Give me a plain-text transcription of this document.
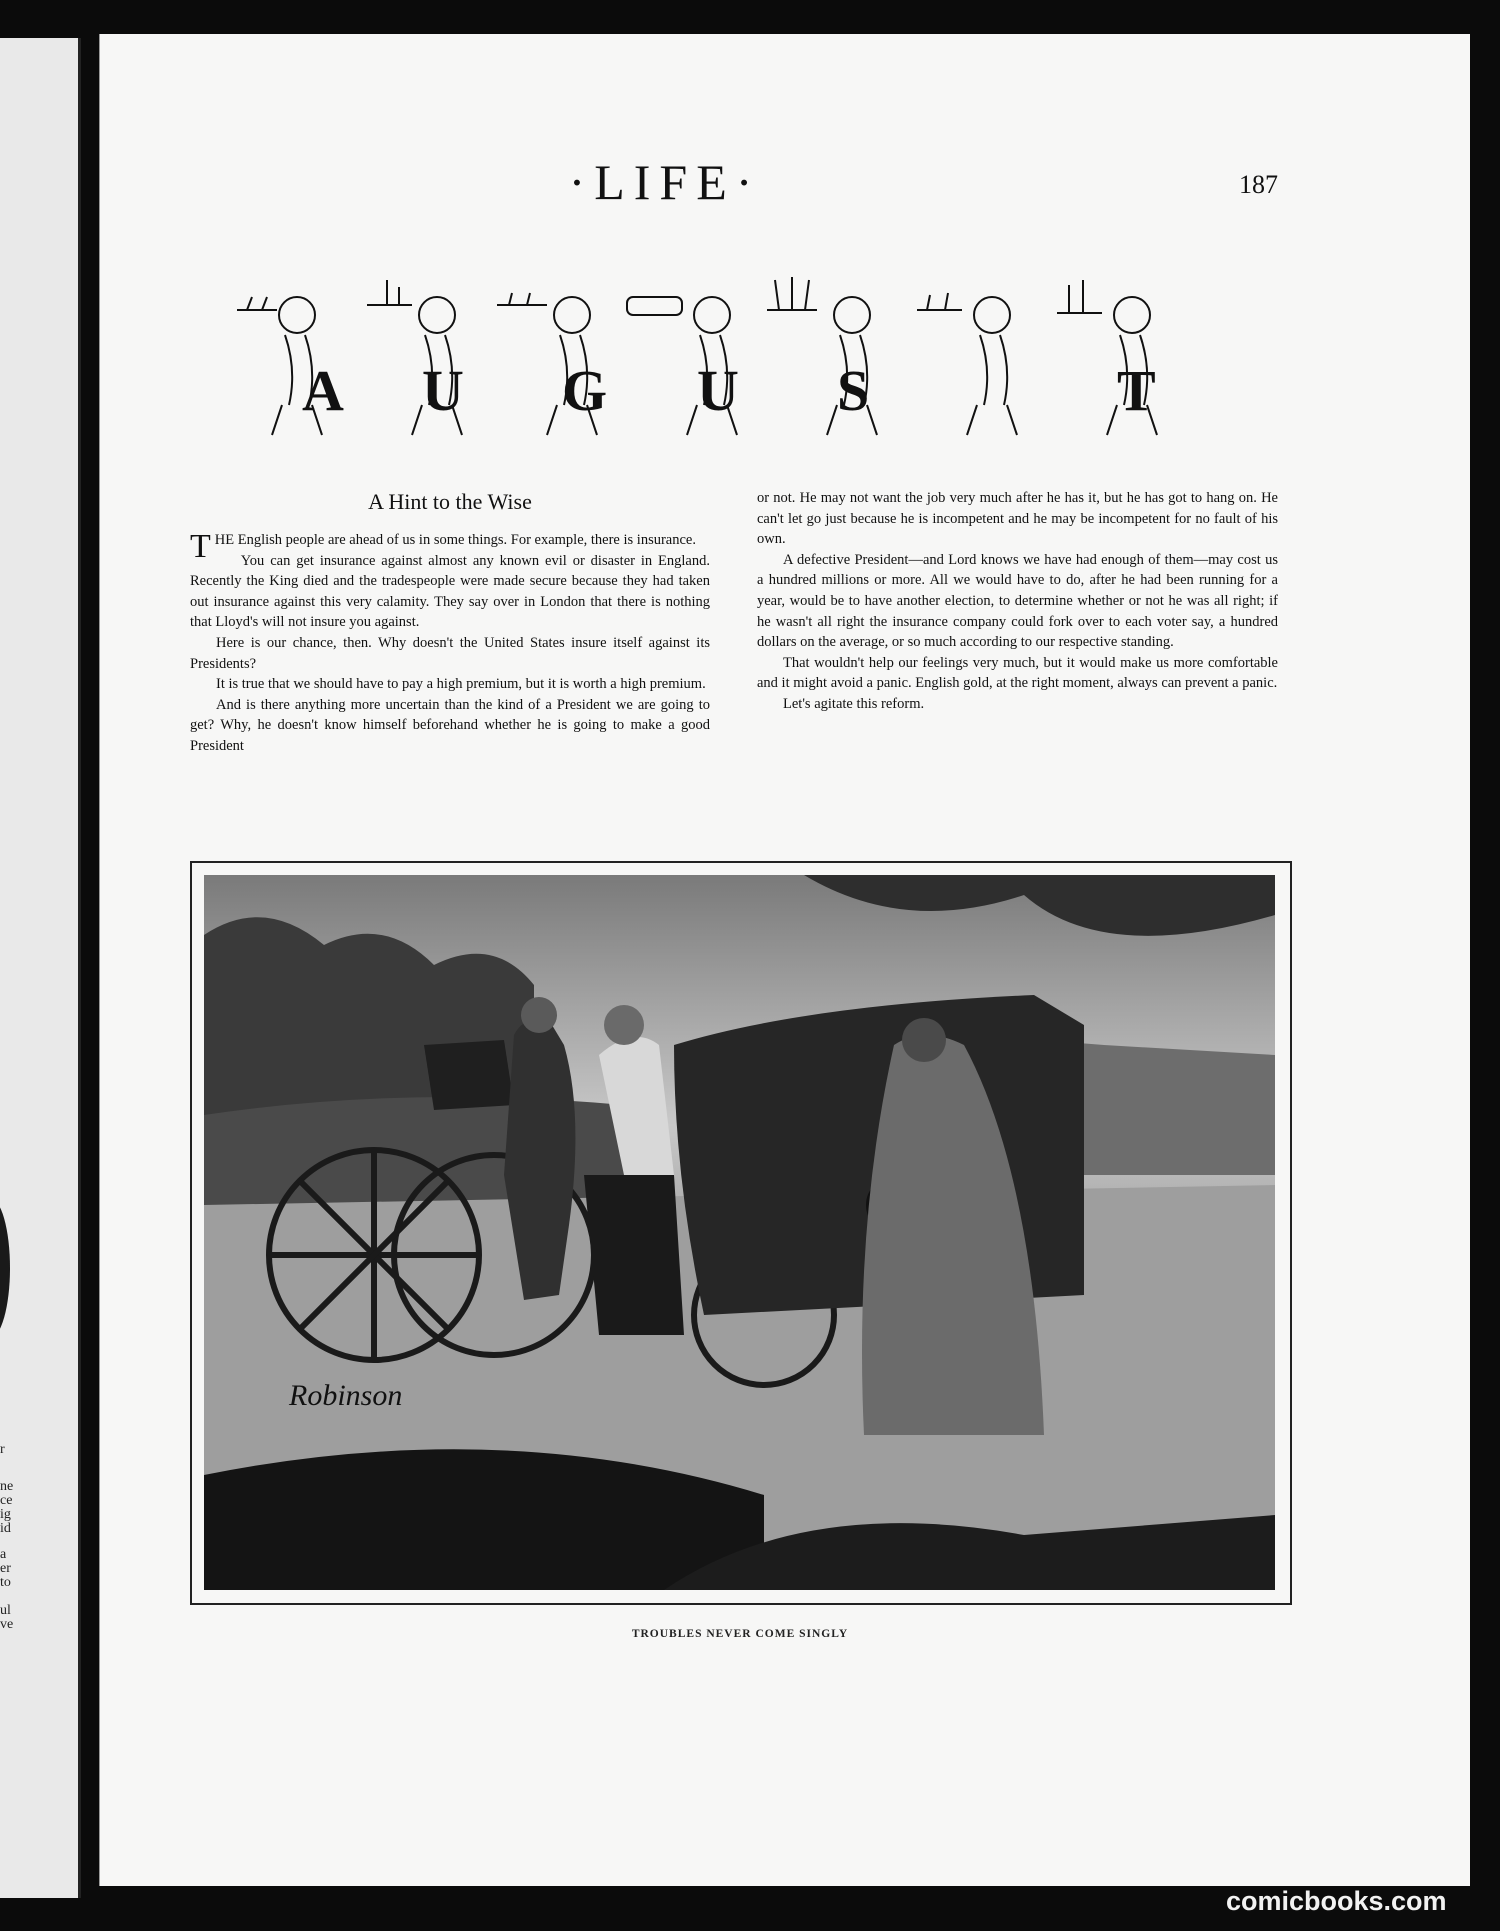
r
ne
ce
ig
id
a
er
to
ul
ve
·LIFE·	187
A U G U S	T
A Hint to the Wise

THE English people are ahead of us in some things. For example, there is insurance.

You can get insurance against almost any known evil or disaster in England. Recently the King died and the tradespeople were made secure because they had taken out insurance against this very calamity. They say over in London that there is nothing that Lloyd's will not insure you against.

Here is our chance, then. Why doesn't the United States insure itself against its Presidents?

It is true that we should have to pay a high premium, but it is worth a high premium.

And is there anything more uncertain than the kind of a President we are going to get? Why, he doesn't know himself beforehand whether he is going to make a good President

or not. He may not want the job very much after he has it, but he has got to hang on. He can't let go just because he is incompetent and he may be incompetent for no fault of his own.

A defective President—and Lord knows we have had enough of them—may cost us a hundred millions or more. All we would have to do, after he had been running for a year, would be to have another election, to determine whether or not he was all right; if he wasn't all right the insurance company could fork over to each voter say, a hundred dollars on the average, or so much according to our respective standing.

That wouldn't help our feelings very much, but it would make us more comfortable and it might avoid a panic. English gold, at the right moment, always can prevent a panic.

Let's agitate this reform.

Robinson
TROUBLES NEVER COME SINGLY
comicbooks.com
